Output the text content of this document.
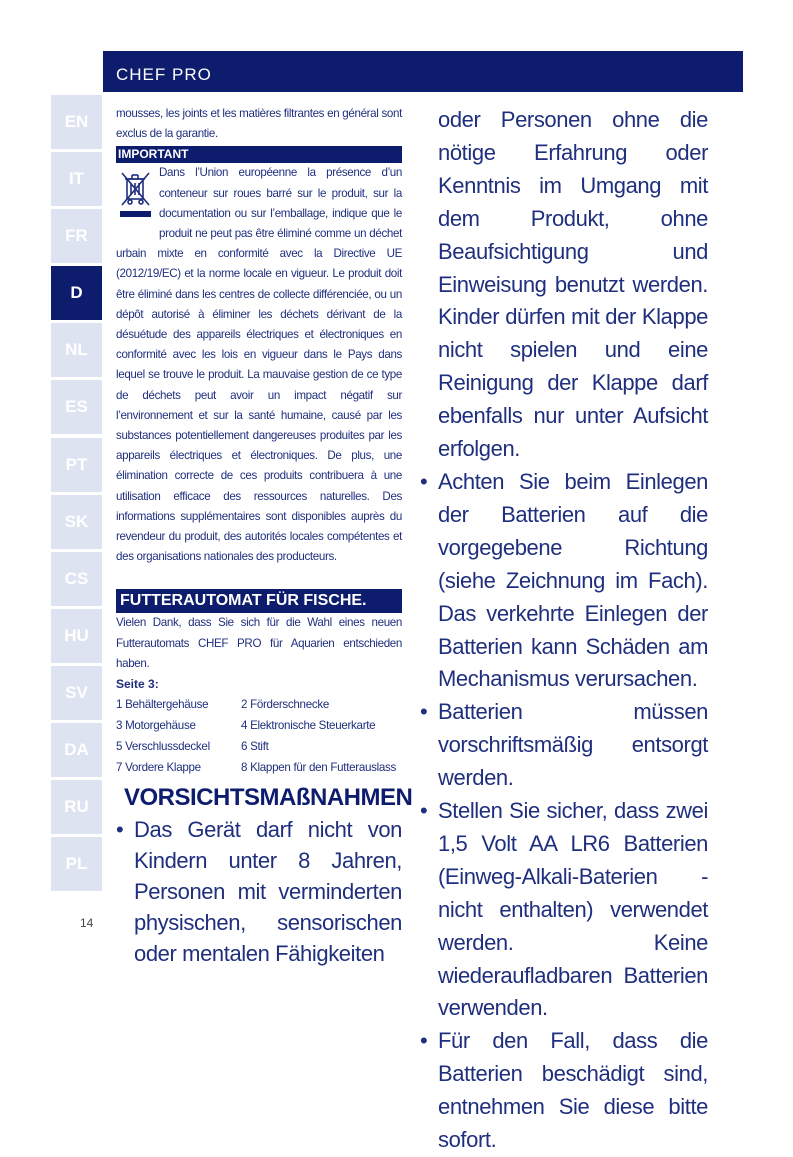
CHEF PRO
EN
IT
FR
D
NL
ES
PT
SK
CS
HU
SV
DA
RU
PL
14

mousses, les joints et les matières filtrantes en général sont exclus de la garantie.

IMPORTANT

Dans l’Union européenne la présence d’un conteneur sur roues barré sur le produit, sur la documentation ou sur l’emballage, indique que le produit ne peut pas être éliminé comme un déchet urbain mixte en conformité avec la Directive UE (2012/19/EC) et la norme locale en vigueur. Le produit doit être éliminé dans les centres de collecte différenciée, ou un dépôt autorisé à éliminer les déchets dérivant de la désuétude des appareils électriques et électroniques en conformité avec les lois en vigueur dans le Pays dans lequel se trouve le produit. La mauvaise gestion de ce type de déchets peut avoir un impact négatif sur l’environnement et sur la santé humaine, causé par les substances potentiellement dangereuses produites par les appareils électriques et électroniques. De plus, une élimination correcte de ces produits contribuera à une utilisation efficace des ressources naturelles. Des informations supplémentaires sont disponibles auprès du revendeur du produit, des autorités locales compétentes et des organisations nationales des producteurs.

FUTTERAUTOMAT FÜR FISCHE.

Vielen Dank, dass Sie sich für die Wahl eines neuen Futterautomats CHEF PRO für Aquarien entschieden haben.

Seite 3:

1 Behältergehäuse	2 Förderschnecke
3 Motorgehäuse	4 Elektronische Steuerkarte
5 Verschlussdeckel	6 Stift
7 Vordere Klappe	8 Klappen für den Futterauslass
VORSICHTSMAßNAHMEN
• Das Gerät darf nicht von Kindern unter 8 Jahren, Personen mit verminderten physischen, sensorischen oder mentalen Fähigkeiten

oder Personen ohne die nötige Erfahrung oder Kenntnis im Umgang mit dem Produkt, ohne Beaufsichtigung und Einweisung benutzt werden. Kinder dürfen mit der Klappe nicht spielen und eine Reinigung der Klappe darf ebenfalls nur unter Aufsicht erfolgen.

• Achten Sie beim Einlegen der Batterien auf die vorgegebene Richtung (siehe Zeichnung im Fach). Das verkehrte Einlegen der Batterien kann Schäden am Mechanismus verursachen.

• Batterien müssen vorschriftsmäßig entsorgt werden.

• Stellen Sie sicher, dass zwei 1,5 Volt AA LR6 Batterien (Einweg-Alkali-Baterien - nicht enthalten) verwendet werden. Keine wiederaufladbaren Batterien verwenden.

• Für den Fall, dass die Batterien beschädigt sind, entnehmen Sie diese bitte sofort.
